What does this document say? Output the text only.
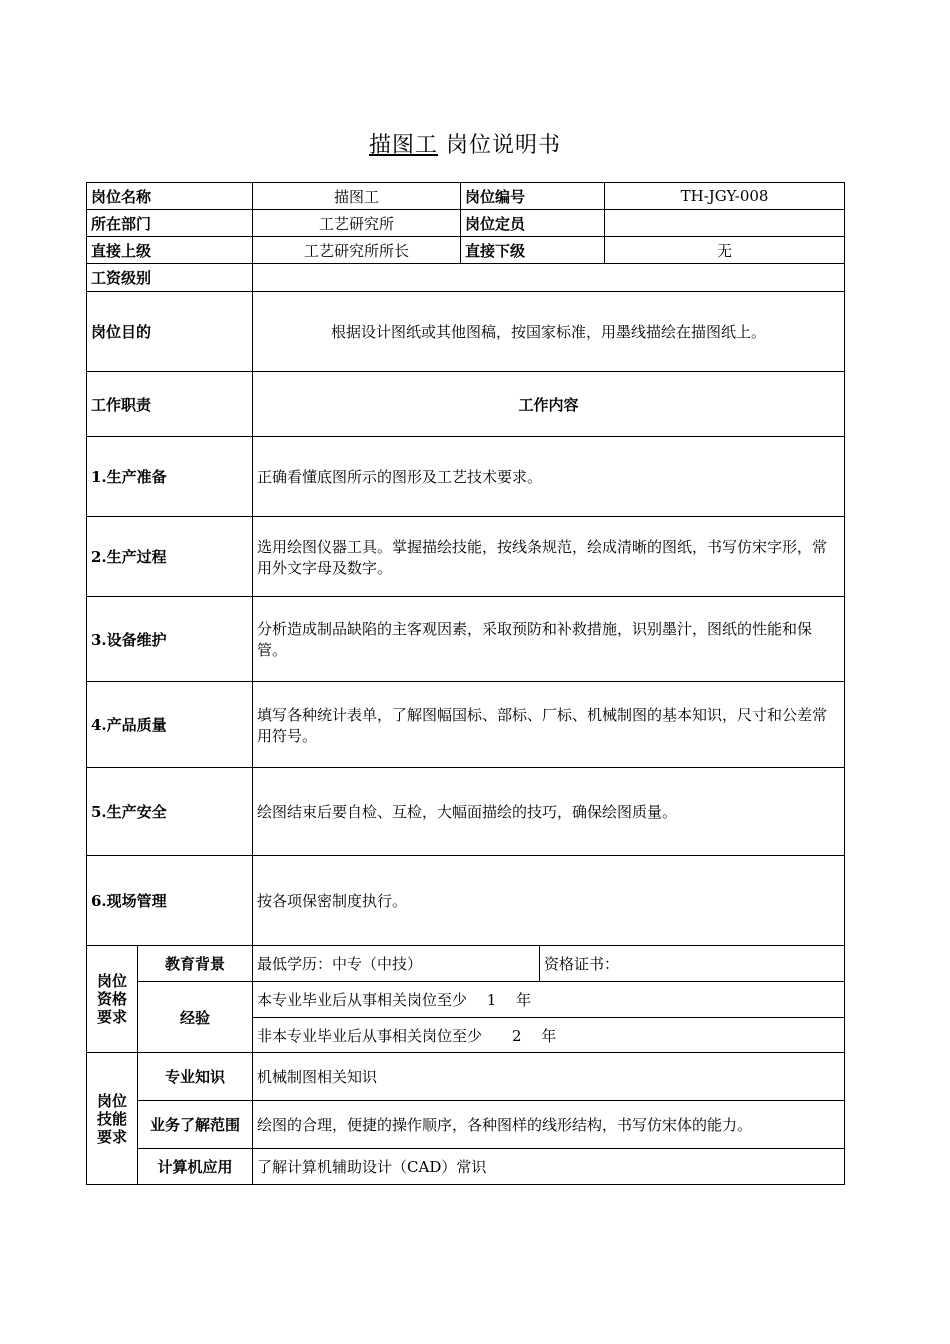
描图工 岗位说明书
岗位名称		描图工	岗位编号		TH-JGY-008
所在部门		工艺研究所	岗位定员		
直接上级		工艺研究所所长	直接下级		无
工资级别					
岗位目的		根据设计图纸或其他图稿，按国家标准，用墨线描绘在描图纸上。			
工作职责		工作内容			
1.生产准备		正确看懂底图所示的图形及工艺技术要求。			
2.生产过程		选用绘图仪器工具。掌握描绘技能，按线条规范，绘成清晰的图纸，书写仿宋字形，常用外文字母及数字。			
3.设备维护		分析造成制品缺陷的主客观因素，采取预防和补救措施，识别墨汁，图纸的性能和保管。			
4.产品质量		填写各种统计表单，了解图幅国标、部标、厂标、机械制图的基本知识，尺寸和公差常用符号。			
5.生产安全		绘图结束后要自检、互检，大幅面描绘的技巧，确保绘图质量。			
6.现场管理		按各项保密制度执行。			

岗位
资格
要求	教育背景	最低学历：中专（中技）		资格证书：	
	经验	本专业毕业后从事相关岗位至少　 1　 年			
		非本专业毕业后从事相关岗位至少　　2　 年			

岗位
技能
要求	专业知识	机械制图相关知识			
	业务了解范围	绘图的合理，便捷的操作顺序，各种图样的线形结构，书写仿宋体的能力。			
	计算机应用	了解计算机辅助设计（CAD）常识			
